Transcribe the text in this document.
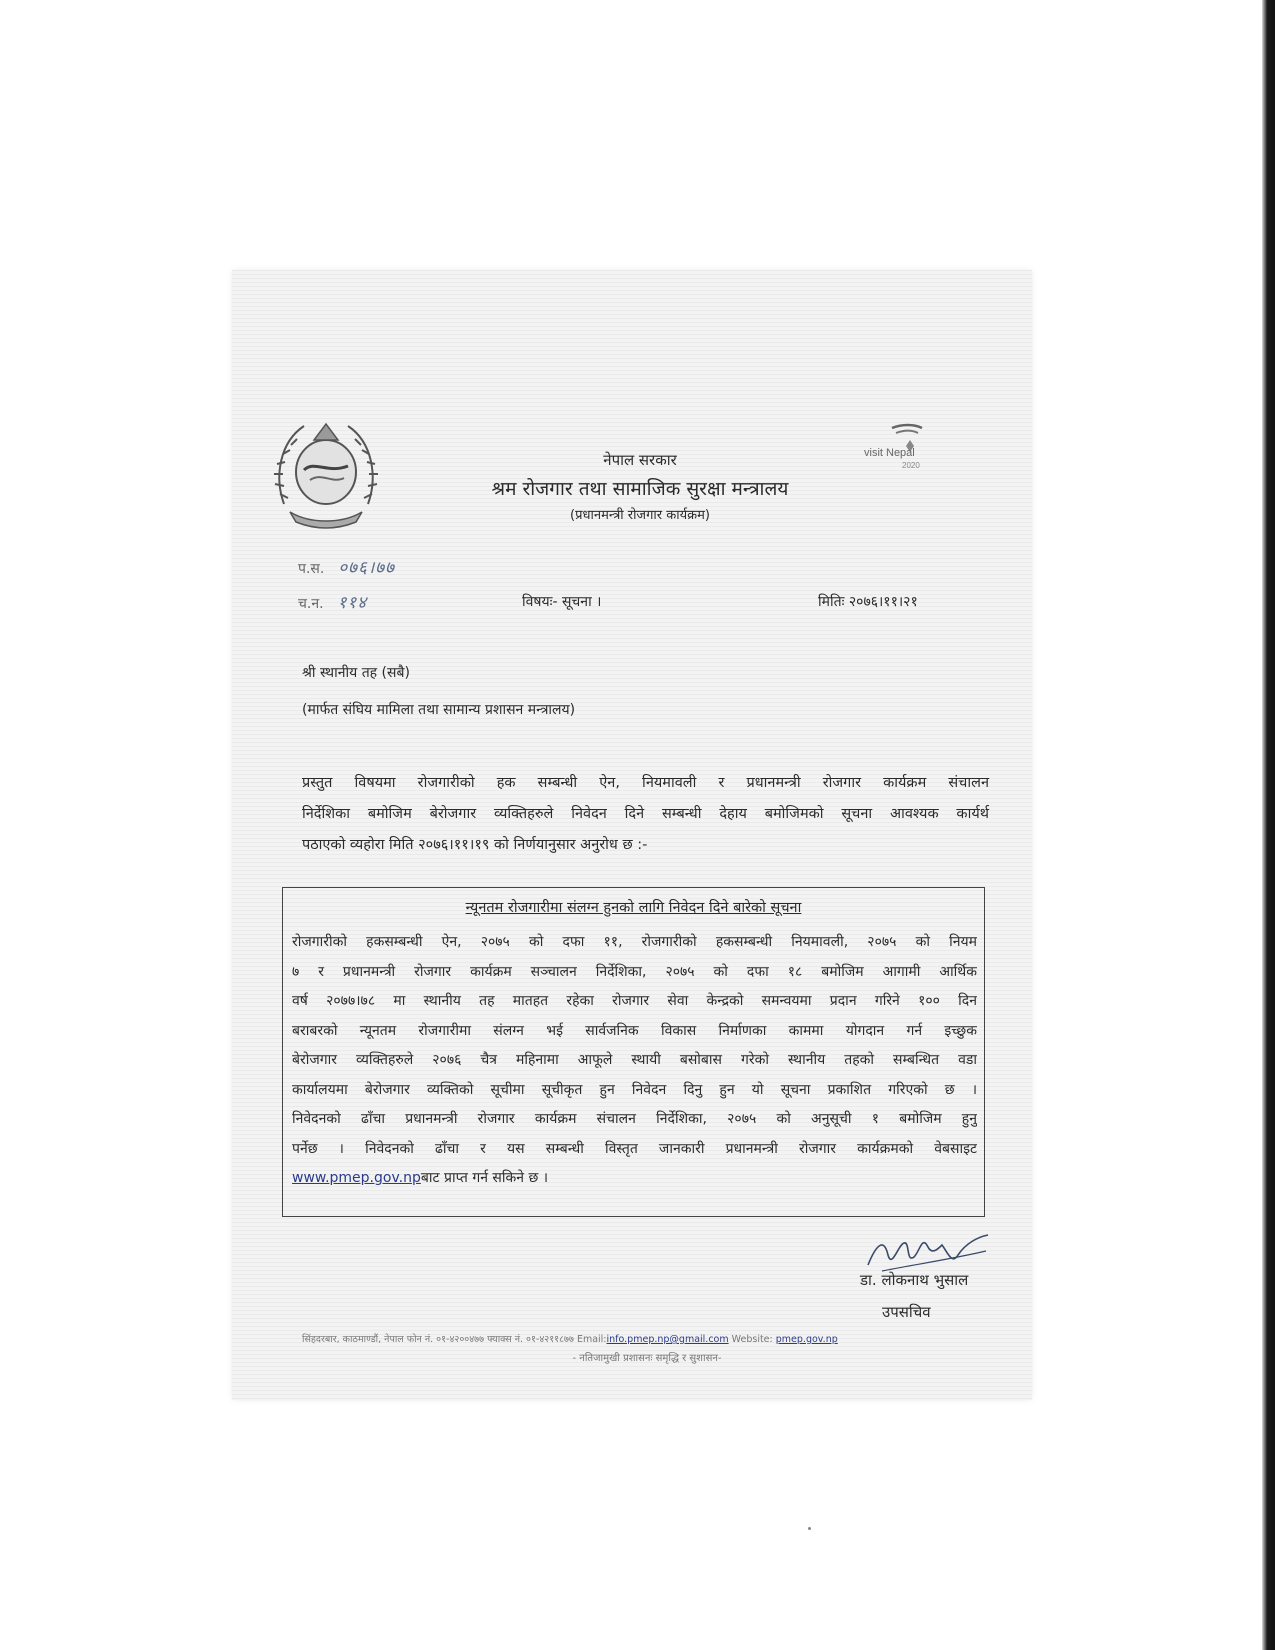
visit Nepal
2020
नेपाल सरकार
श्रम रोजगार तथा सामाजिक सुरक्षा मन्त्रालय
(प्रधानमन्त्री रोजगार कार्यक्रम)
प.स. ०७६।७७
च.न. ११४	विषयः- सूचना ।	मितिः २०७६।११।२१
श्री स्थानीय तह (सबै)
(मार्फत संघिय मामिला तथा सामान्य प्रशासन मन्त्रालय)
प्रस्तुत विषयमा रोजगारीको हक सम्बन्धी ऐन, नियमावली र प्रधानमन्त्री रोजगार कार्यक्रम संचालन
निर्देशिका बमोजिम बेरोजगार व्यक्तिहरुले निवेदन दिने सम्बन्धी देहाय बमोजिमको सूचना आवश्यक कार्यर्थ
पठाएको व्यहोरा मिति २०७६।११।१९ को निर्णयानुसार अनुरोध छ :-
न्यूनतम रोजगारीमा संलग्न हुनको लागि निवेदन दिने बारेको सूचना
रोजगारीको हकसम्बन्धी ऐन, २०७५ को दफा ११, रोजगारीको हकसम्बन्धी नियमावली, २०७५ को नियम
७ र प्रधानमन्त्री रोजगार कार्यक्रम सञ्चालन निर्देशिका, २०७५ को दफा १८ बमोजिम आगामी आर्थिक
वर्ष २०७७।७८ मा स्थानीय तह मातहत रहेका रोजगार सेवा केन्द्रको समन्वयमा प्रदान गरिने १०० दिन
बराबरको न्यूनतम रोजगारीमा संलग्न भई सार्वजनिक विकास निर्माणका काममा योगदान गर्न इच्छुक
बेरोजगार व्यक्तिहरुले २०७६ चैत्र महिनामा आफूले स्थायी बसोबास गरेको स्थानीय तहको सम्बन्धित वडा
कार्यालयमा बेरोजगार व्यक्तिको सूचीमा सूचीकृत हुन निवेदन दिनु हुन यो सूचना प्रकाशित गरिएको छ ।
निवेदनको ढाँचा प्रधानमन्त्री रोजगार कार्यक्रम संचालन निर्देशिका, २०७५ को अनुसूची १ बमोजिम हुनु
पर्नेछ । निवेदनको ढाँचा र यस सम्बन्धी विस्तृत जानकारी प्रधानमन्त्री रोजगार कार्यक्रमको वेबसाइट
www.pmep.gov.npबाट प्राप्त गर्न सकिने छ ।
डा. लोकनाथ भुसाल
उपसचिव
सिंहदरबार, काठमाण्डौं, नेपाल फोन नं. ०१-४२००४७७ फ्याक्स नं. ०१-४२११८७७ Email:info.pmep.np@gmail.com Website: pmep.gov.np
- नतिजामुखी प्रशासनः समृद्धि र सुशासन-
